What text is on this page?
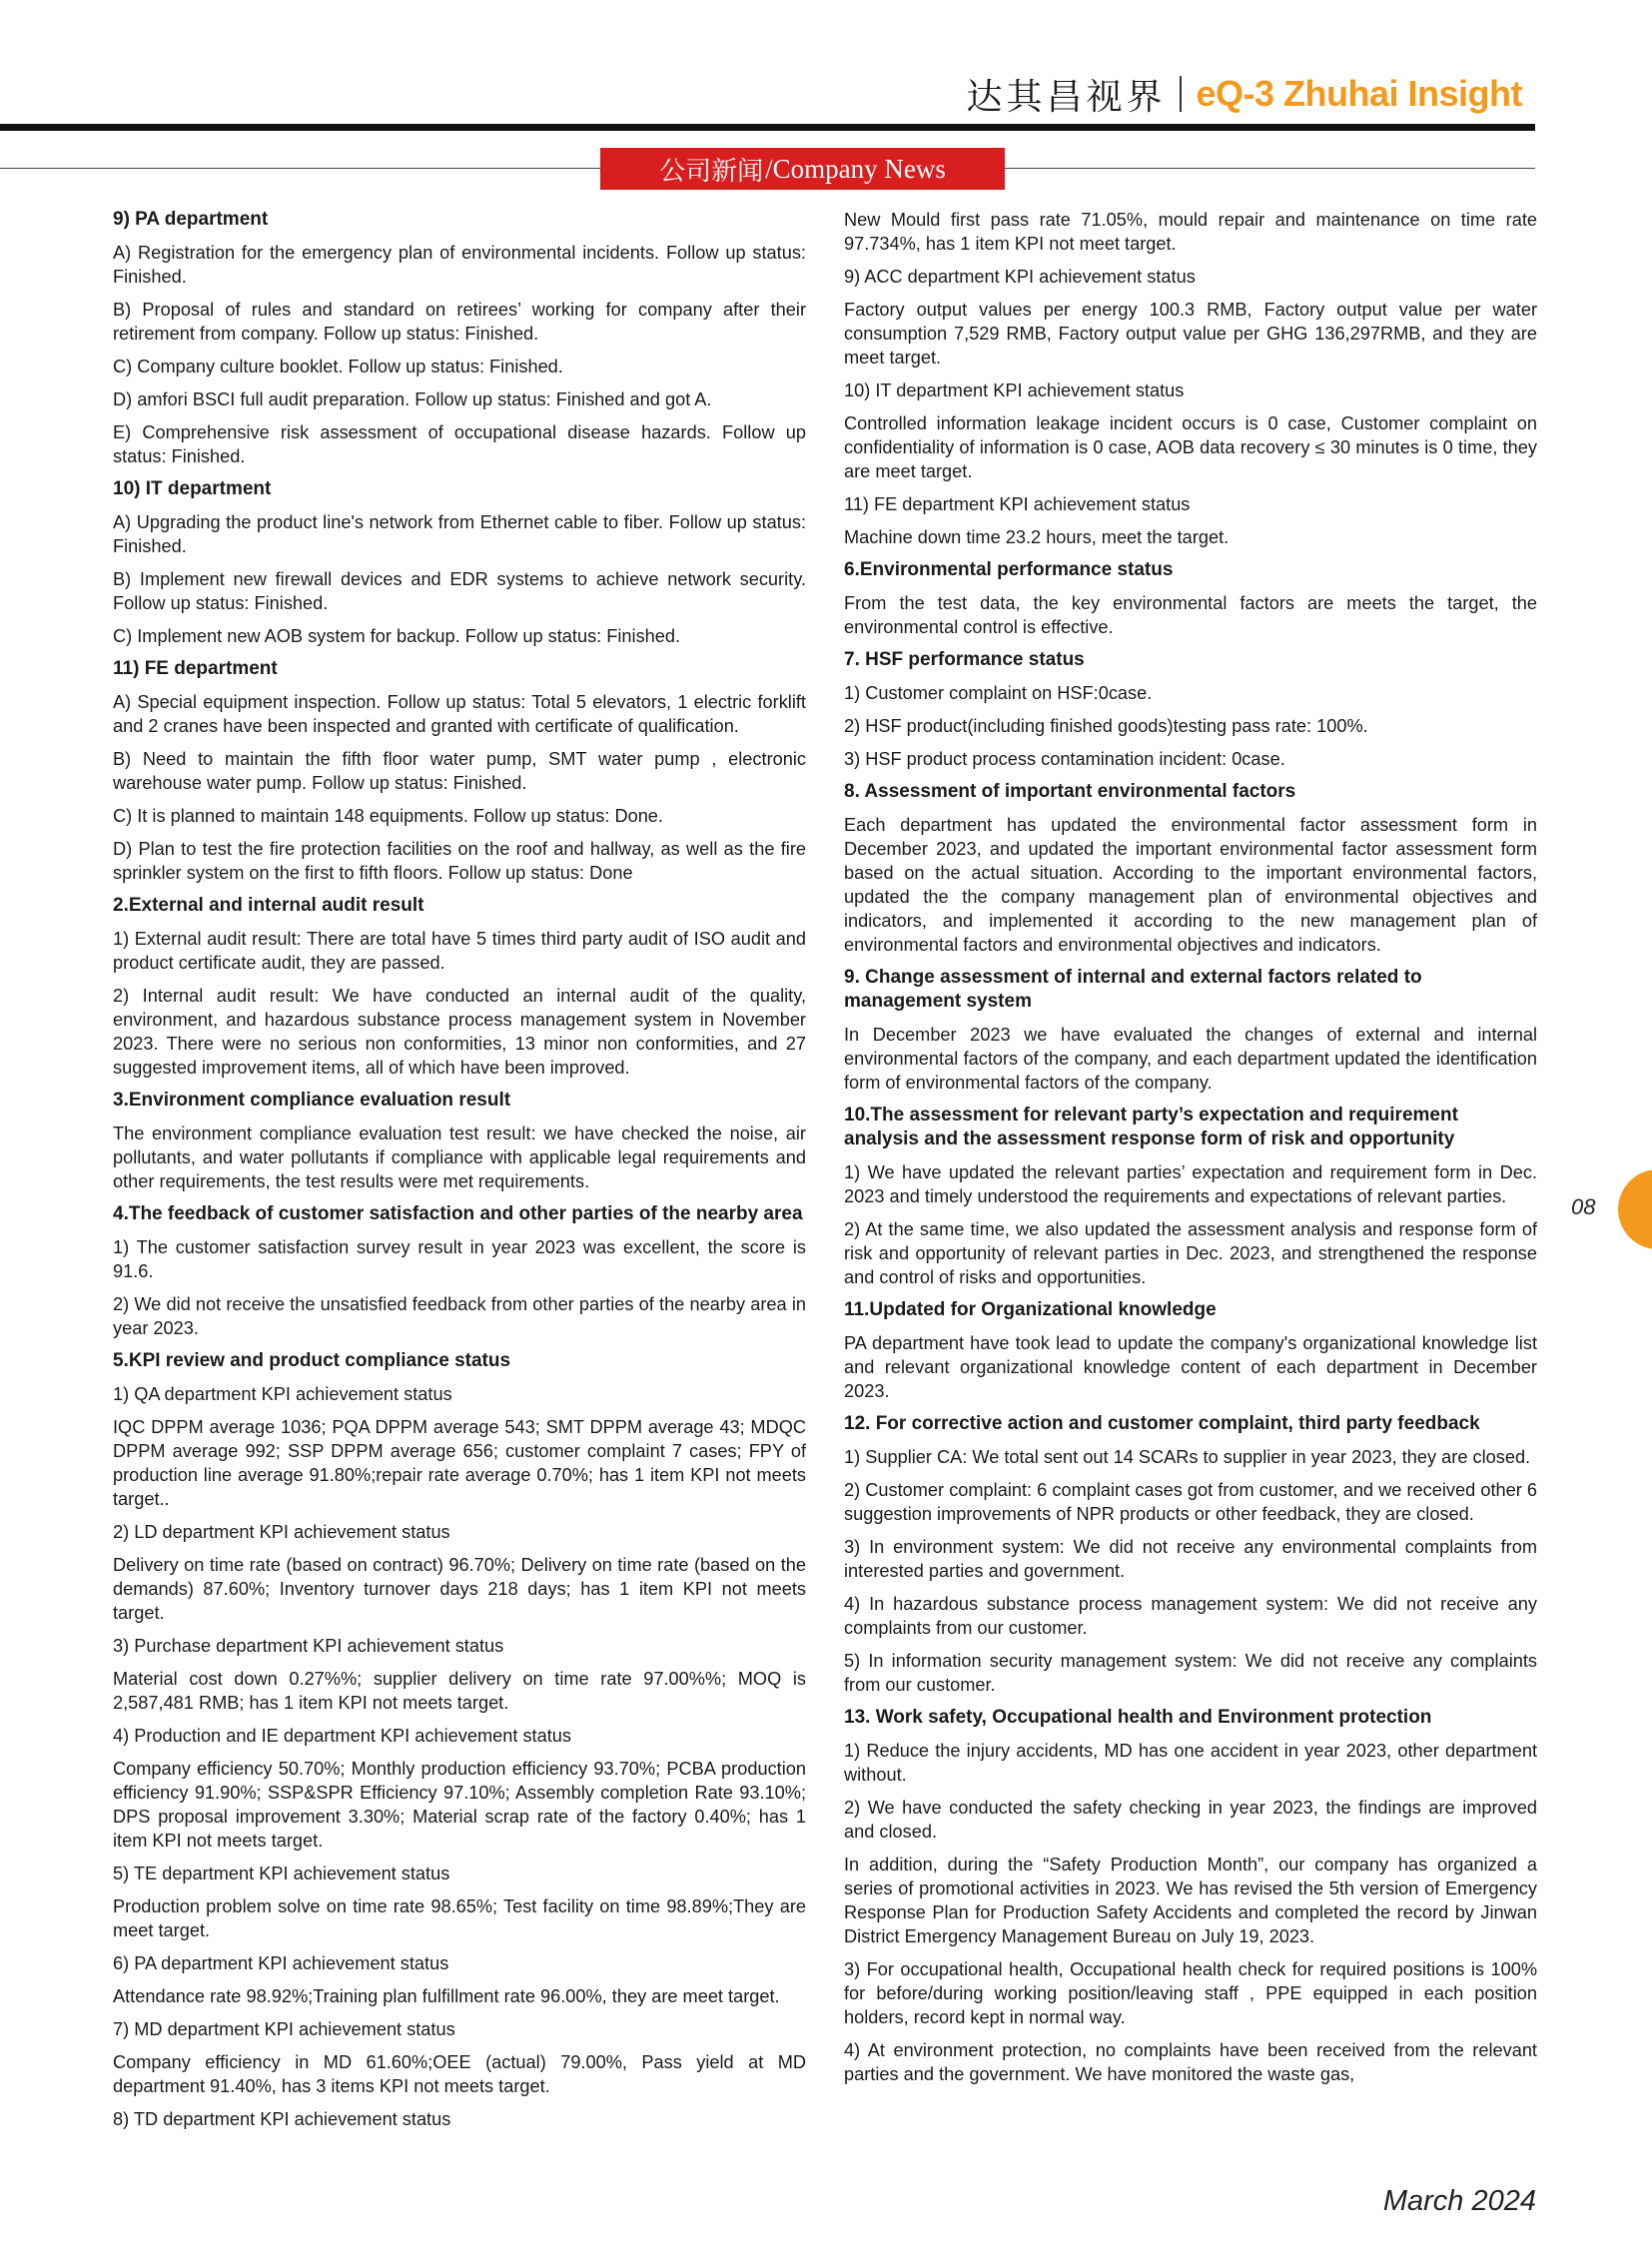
达其昌视界 eQ-3 Zhuhai Insight
公司新闻 /Company News
9) PA department

A) Registration for the emergency plan of environmental incidents. Follow up status: Finished.

B) Proposal of rules and standard on retirees’ working for company after their retirement from company. Follow up status: Finished.

C) Company culture booklet. Follow up status: Finished.

D) amfori BSCI full audit preparation. Follow up status: Finished and got A.

E) Comprehensive risk assessment of occupational disease hazards. Follow up status: Finished.

10) IT department

A) Upgrading the product line's network from Ethernet cable to fiber. Follow up status: Finished.

B) Implement new firewall devices and EDR systems to achieve network security. Follow up status: Finished.

C) Implement new AOB system for backup. Follow up status: Finished.

11) FE department

A) Special equipment inspection. Follow up status: Total 5 elevators, 1 electric forklift and 2 cranes have been inspected and granted with certificate of qualification.

B) Need to maintain the fifth floor water pump, SMT water pump , electronic warehouse water pump. Follow up status: Finished.

C) It is planned to maintain 148 equipments. Follow up status: Done.

D) Plan to test the fire protection facilities on the roof and hallway, as well as the fire sprinkler system on the first to fifth floors. Follow up status: Done

2.External and internal audit result

1) External audit result: There are total have 5 times third party audit of ISO audit and product certificate audit, they are passed.

2) Internal audit result: We have conducted an internal audit of the quality, environment, and hazardous substance process management system in November 2023. There were no serious non conformities, 13 minor non conformities, and 27 suggested improvement items, all of which have been improved.

3.Environment compliance evaluation result

The environment compliance evaluation test result: we have checked the noise, air pollutants, and water pollutants if compliance with applicable legal requirements and other requirements, the test results were met requirements.

4.The feedback of customer satisfaction and other parties of the nearby area

1) The customer satisfaction survey result in year 2023 was excellent, the score is 91.6.

2) We did not receive the unsatisfied feedback from other parties of the nearby area in year 2023.

5.KPI review and product compliance status

1) QA department KPI achievement status

IQC DPPM average 1036; PQA DPPM average 543; SMT DPPM average 43; MDQC DPPM average 992; SSP DPPM average 656; customer complaint 7 cases; FPY of production line average 91.80%;repair rate average 0.70%; has 1 item KPI not meets target..

2) LD department KPI achievement status

Delivery on time rate (based on contract) 96.70%; Delivery on time rate (based on the demands) 87.60%; Inventory turnover days 218 days; has 1 item KPI not meets target.

3) Purchase department KPI achievement status

Material cost down 0.27%%; supplier delivery on time rate 97.00%%; MOQ is 2,587,481 RMB; has 1 item KPI not meets target.

4) Production and IE department KPI achievement status

Company efficiency 50.70%; Monthly production efficiency 93.70%; PCBA production efficiency 91.90%; SSP&SPR Efficiency 97.10%; Assembly completion Rate 93.10%; DPS proposal improvement 3.30%; Material scrap rate of the factory 0.40%; has 1 item KPI not meets target.

5) TE department KPI achievement status

Production problem solve on time rate 98.65%; Test facility on time 98.89%;They are meet target.

6) PA department KPI achievement status

Attendance rate 98.92%;Training plan fulfillment rate 96.00%, they are meet target.

7) MD department KPI achievement status

Company efficiency in MD 61.60%;OEE (actual) 79.00%, Pass yield at MD department 91.40%, has 3 items KPI not meets target.

8) TD department KPI achievement status

New Mould first pass rate 71.05%, mould repair and maintenance on time rate 97.734%, has 1 item KPI not meet target.

9) ACC department KPI achievement status

Factory output values per energy 100.3 RMB, Factory output value per water consumption 7,529 RMB, Factory output value per GHG 136,297RMB, and they are meet target.

10) IT department KPI achievement status

Controlled information leakage incident occurs is 0 case, Customer complaint on confidentiality of information is 0 case, AOB data recovery ≤ 30 minutes is 0 time, they are meet target.

11) FE department KPI achievement status

Machine down time 23.2 hours, meet the target.

6.Environmental performance status

From the test data, the key environmental factors are meets the target, the environmental control is effective.

7. HSF performance status

1) Customer complaint on HSF:0case.

2) HSF product(including finished goods)testing pass rate: 100%.

3) HSF product process contamination incident: 0case.

8. Assessment of important environmental factors

Each department has updated the environmental factor assessment form in December 2023, and updated the important environmental factor assessment form based on the actual situation. According to the important environmental factors, updated the the company management plan of environmental objectives and indicators, and implemented it according to the new management plan of environmental factors and environmental objectives and indicators.

9. Change assessment of internal and external factors related to management system

In December 2023 we have evaluated the changes of external and internal environmental factors of the company, and each department updated the identification form of environmental factors of the company.

10.The assessment for relevant party’s expectation and requirement analysis and the assessment response form of risk and opportunity

1) We have updated the relevant parties’ expectation and requirement form in Dec. 2023 and timely understood the requirements and expectations of relevant parties.

2) At the same time, we also updated the assessment analysis and response form of risk and opportunity of relevant parties in Dec. 2023, and strengthened the response and control of risks and opportunities.

11.Updated for Organizational knowledge

PA department have took lead to update the company's organizational knowledge list and relevant organizational knowledge content of each department in December 2023.

12. For corrective action and customer complaint, third party feedback

1) Supplier CA: We total sent out 14 SCARs to supplier in year 2023, they are closed.

2) Customer complaint: 6 complaint cases got from customer, and we received other 6 suggestion improvements of NPR products or other feedback, they are closed.

3) In environment system: We did not receive any environmental complaints from interested parties and government.

4) In hazardous substance process management system: We did not receive any complaints from our customer.

5) In information security management system: We did not receive any complaints from our customer.

13. Work safety, Occupational health and Environment protection

1) Reduce the injury accidents, MD has one accident in year 2023, other department without.

2) We have conducted the safety checking in year 2023, the findings are improved and closed.

In addition, during the “Safety Production Month”, our company has organized a series of promotional activities in 2023. We has revised the 5th version of Emergency Response Plan for Production Safety Accidents and completed the record by Jinwan District Emergency Management Bureau on July 19, 2023.

3) For occupational health, Occupational health check for required positions is 100% for before/during working position/leaving staff , PPE equipped in each position holders, record kept in normal way.

4) At environment protection, no complaints have been received from the relevant parties and the government. We have monitored the waste gas,

08
March 2024
